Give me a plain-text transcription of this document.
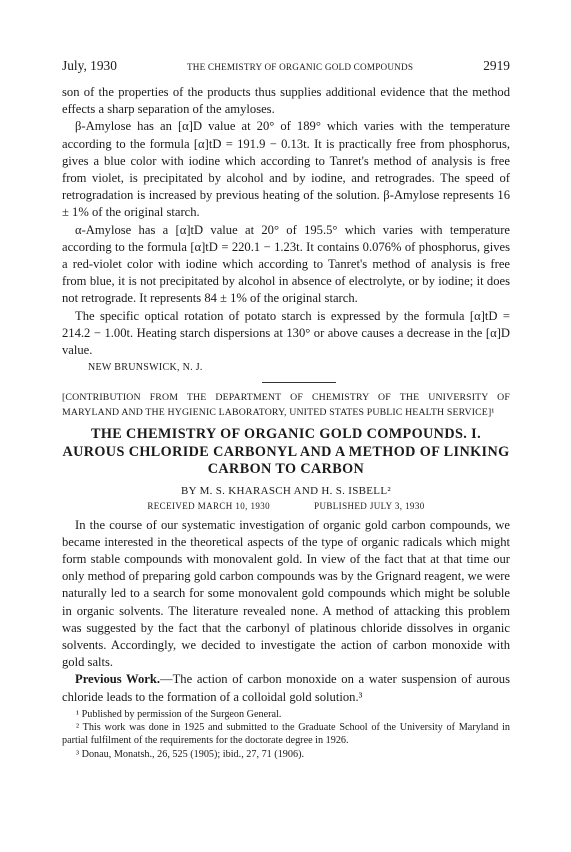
July, 1930	THE CHEMISTRY OF ORGANIC GOLD COMPOUNDS	2919

son of the properties of the products thus supplies additional evidence that the method effects a sharp separation of the amyloses.

β-Amylose has an [α]D value at 20° of 189° which varies with the temperature according to the formula [α]tD = 191.9 − 0.13t. It is practically free from phosphorus, gives a blue color with iodine which according to Tanret's method of analysis is free from violet, is precipitated by alcohol and by iodine, and retrogrades. The speed of retrogradation is increased by previous heating of the solution. β-Amylose represents 16 ± 1% of the original starch.

α-Amylose has a [α]tD value at 20° of 195.5° which varies with temperature according to the formula [α]tD = 220.1 − 1.23t. It contains 0.076% of phosphorus, gives a red-violet color with iodine which according to Tanret's method of analysis is free from blue, it is not precipitated by alcohol in absence of electrolyte, or by iodine; it does not retrograde. It represents 84 ± 1% of the original starch.

The specific optical rotation of potato starch is expressed by the formula [α]tD = 214.2 − 1.00t. Heating starch dispersions at 130° or above causes a decrease in the [α]D value.

NEW BRUNSWICK, N. J.
[CONTRIBUTION FROM THE DEPARTMENT OF CHEMISTRY OF THE UNIVERSITY OF MARYLAND AND THE HYGIENIC LABORATORY, UNITED STATES PUBLIC HEALTH SERVICE]¹
THE CHEMISTRY OF ORGANIC GOLD COMPOUNDS. I. AUROUS CHLORIDE CARBONYL AND A METHOD OF LINKING CARBON TO CARBON
BY M. S. KHARASCH AND H. S. ISBELL²
RECEIVED MARCH 10, 1930	PUBLISHED JULY 3, 1930

In the course of our systematic investigation of organic gold carbon compounds, we became interested in the theoretical aspects of the type of organic radicals which might form stable compounds with monovalent gold. In view of the fact that at that time our only method of preparing gold carbon compounds was by the Grignard reagent, we were naturally led to a search for some monovalent gold compounds which might be soluble in organic solvents. The literature revealed none. A method of attacking this problem was suggested by the fact that the carbonyl of platinous chloride dissolves in organic solvents. Accordingly, we decided to investigate the action of carbon monoxide with gold salts.

Previous Work.—The action of carbon monoxide on a water suspension of aurous chloride leads to the formation of a colloidal gold solution.³

¹ Published by permission of the Surgeon General.
² This work was done in 1925 and submitted to the Graduate School of the University of Maryland in partial fulfilment of the requirements for the doctorate degree in 1926.
³ Donau, Monatsh., 26, 525 (1905); ibid., 27, 71 (1906).
